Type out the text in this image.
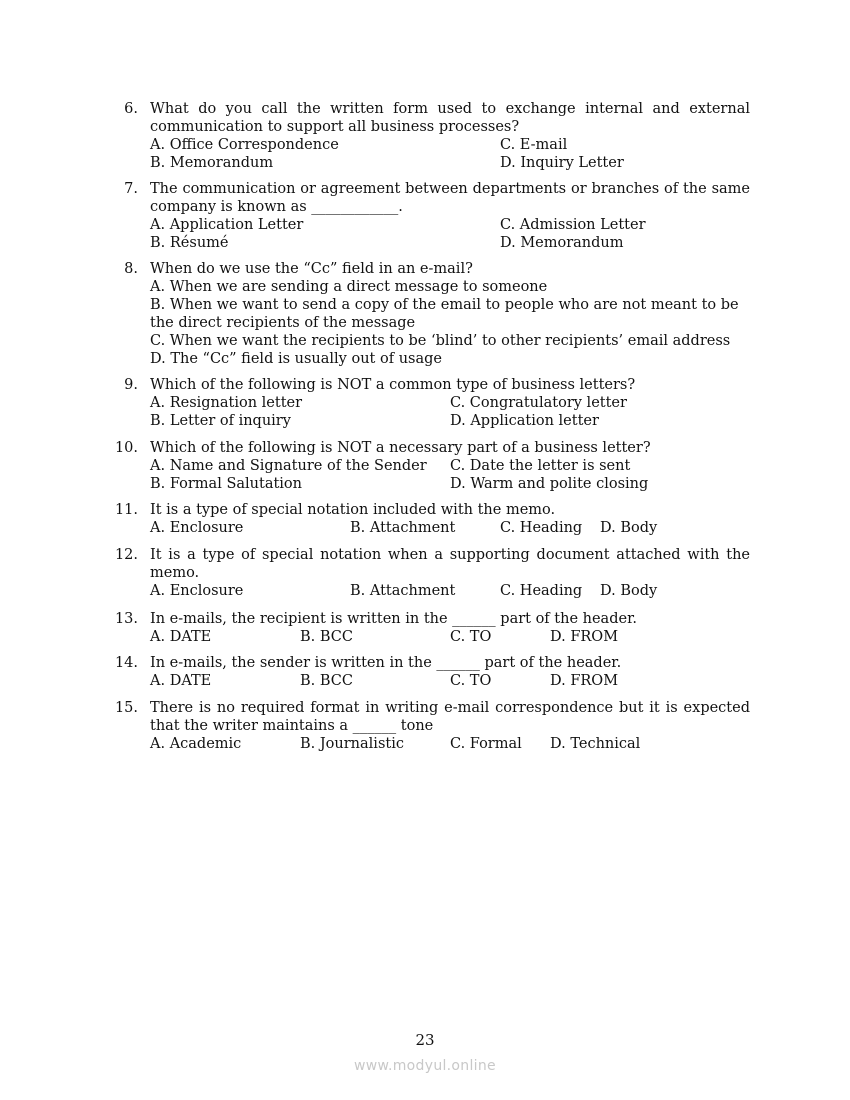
6. What do you call the written form used to exchange internal and external communication to support all business processes?
A. Office Correspondence	C. E-mail
B. Memorandum	D. Inquiry Letter
7. The communication or agreement between departments or branches of the same company is known as ____________.
A. Application Letter	C. Admission Letter
B. Résumé	D. Memorandum
8. When do we use the “Cc” field in an e-mail?
A. When we are sending a direct message to someone
B. When we want to send a copy of the email to people who are not meant to be
the direct recipients of the message
C. When we want the recipients to be ‘blind’ to other recipients’ email address
D. The “Cc” field is usually out of usage
9. Which of the following is NOT a common type of business letters?
A. Resignation letter	C. Congratulatory letter
B. Letter of inquiry	D. Application letter
10. Which of the following is NOT a necessary part of a business letter?
A. Name and Signature of the Sender C. Date the letter is sent
B. Formal Salutation	D. Warm and polite closing
11. It is a type of special notation included with the memo.
A. Enclosure	B. Attachment	C. Heading D. Body
12. It is a type of special notation when a supporting document attached with the memo.
A. Enclosure	B. Attachment	C. Heading D. Body
13. In e-mails, the recipient is written in the ______ part of the header.
A. DATE	B. BCC	C. TO	D. FROM
14. In e-mails, the sender is written in the ______ part of the header.
A. DATE	B. BCC	C. TO	D. FROM
15. There is no required format in writing e-mail correspondence but it is expected that the writer maintains a ______ tone
A. Academic	B. Journalistic	C. Formal D. Technical
23
www.modyul.online
